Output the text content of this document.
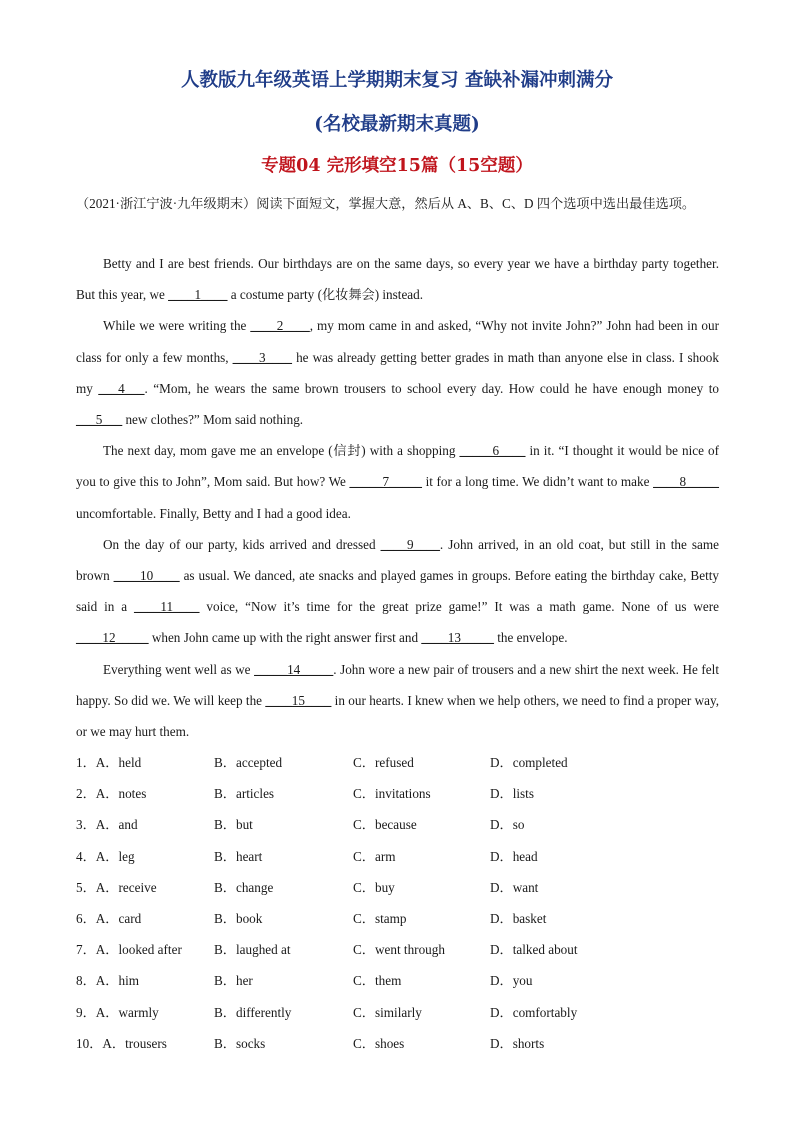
人教版九年级英语上学期期末复习 查缺补漏冲刺满分
(名校最新期末真题)
专题04 完形填空15篇（15空题）
（2021·浙江宁波·九年级期末）阅读下面短文，掌握大意，然后从 A、B、C、D 四个选项中选出最佳选项。

Betty and I are best friends. Our birthdays are on the same days, so every year we have a birthday party together. But this year, we ____1____ a costume party (化妆舞会) instead.

While we were writing the ____2____, my mom came in and asked, “Why not invite John?” John had been in our class for only a few months, ____3____ he was already getting better grades in math than anyone else in class. I shook my ___4___. “Mom, he wears the same brown trousers to school every day. How could he have enough money to ___5___ new clothes?” Mom said nothing.

The next day, mom gave me an envelope (信封) with a shopping _____6____ in it. “I thought it would be nice of you to give this to John”, Mom said. But how? We _____7_____ it for a long time. We didn’t want to make ____8_____ uncomfortable. Finally, Betty and I had a good idea.

On the day of our party, kids arrived and dressed ____9____. John arrived, in an old coat, but still in the same brown ____10____ as usual. We danced, ate snacks and played games in groups. Before eating the birthday cake, Betty said in a ____11____ voice, “Now it’s time for the great prize game!” It was a math game. None of us were ____12_____ when John came up with the right answer first and ____13_____ the envelope.

Everything went well as we _____14_____. John wore a new pair of trousers and a new shirt the next week. He felt happy. So did we. We will keep the ____15____ in our hearts. I knew when we help others, we need to find a proper way, or we may hurt them.

1．A．held	B．accepted	C．refused	D．completed
2．A．notes	B．articles	C．invitations	D．lists
3．A．and	B．but	C．because	D．so
4．A．leg	B．heart	C．arm	D．head
5．A．receive	B．change	C．buy	D．want
6．A．card	B．book	C．stamp	D．basket
7．A．looked after B．laughed at	C．went through	D．talked about
8．A．him	B．her	C．them	D．you
9．A．warmly	B．differently	C．similarly	D．comfortably
10．A．trousers	B．socks	C．shoes	D．shorts
